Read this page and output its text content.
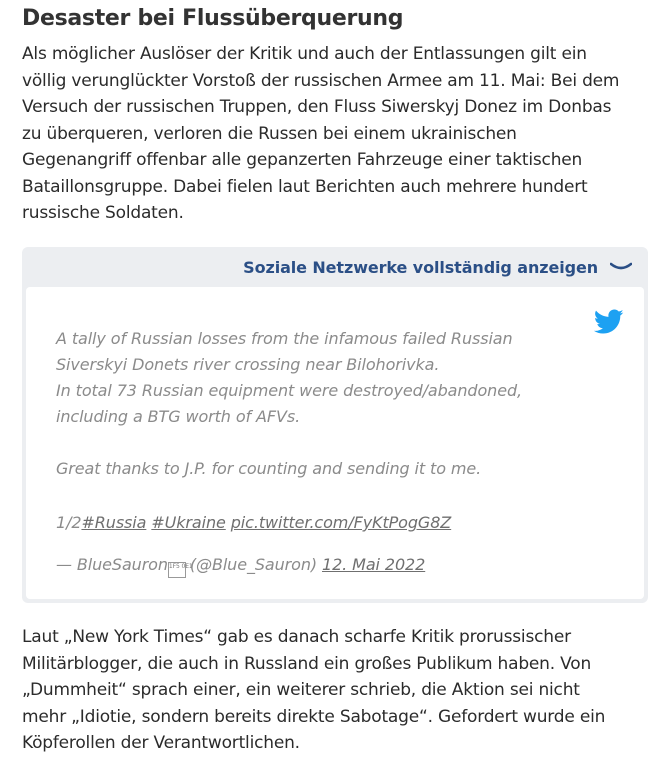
Desaster bei Flussüberquerung

Als möglicher Auslöser der Kritik und auch der Entlassungen gilt ein

völlig verunglückter Vorstoß der russischen Armee am 11. Mai: Bei dem

Versuch der russischen Truppen, den Fluss Siwerskyj Donez im Donbas

zu überqueren, verloren die Russen bei einem ukrainischen

Gegenangriff offenbar alle gepanzerten Fahrzeuge einer taktischen

Bataillonsgruppe. Dabei fielen laut Berichten auch mehrere hundert

russische Soldaten.

Laut „New York Times“ gab es danach scharfe Kritik prorussischer

Militärblogger, die auch in Russland ein großes Publikum haben. Von

„Dummheit“ sprach einer, ein weiterer schrieb, die Aktion sei nicht

mehr „Idiotie, sondern bereits direkte Sabotage“. Gefordert wurde ein

Köpferollen der Verantwortlichen.

Soziale Netzwerke vollständig anzeigen
A tally of Russian losses from the infamous failed Russian
Siverskyi Donets river crossing near Bilohorivka.
In total 73 Russian equipment were destroyed/abandoned,
including a BTG worth of AFVs.
Great thanks to J.P. for counting and sending it to me.
1/2#Russia #Ukraine pic.twitter.com/FyKtPogG8Z
— BlueSauron1F5 0E1(@Blue_Sauron) 12. Mai 2022
